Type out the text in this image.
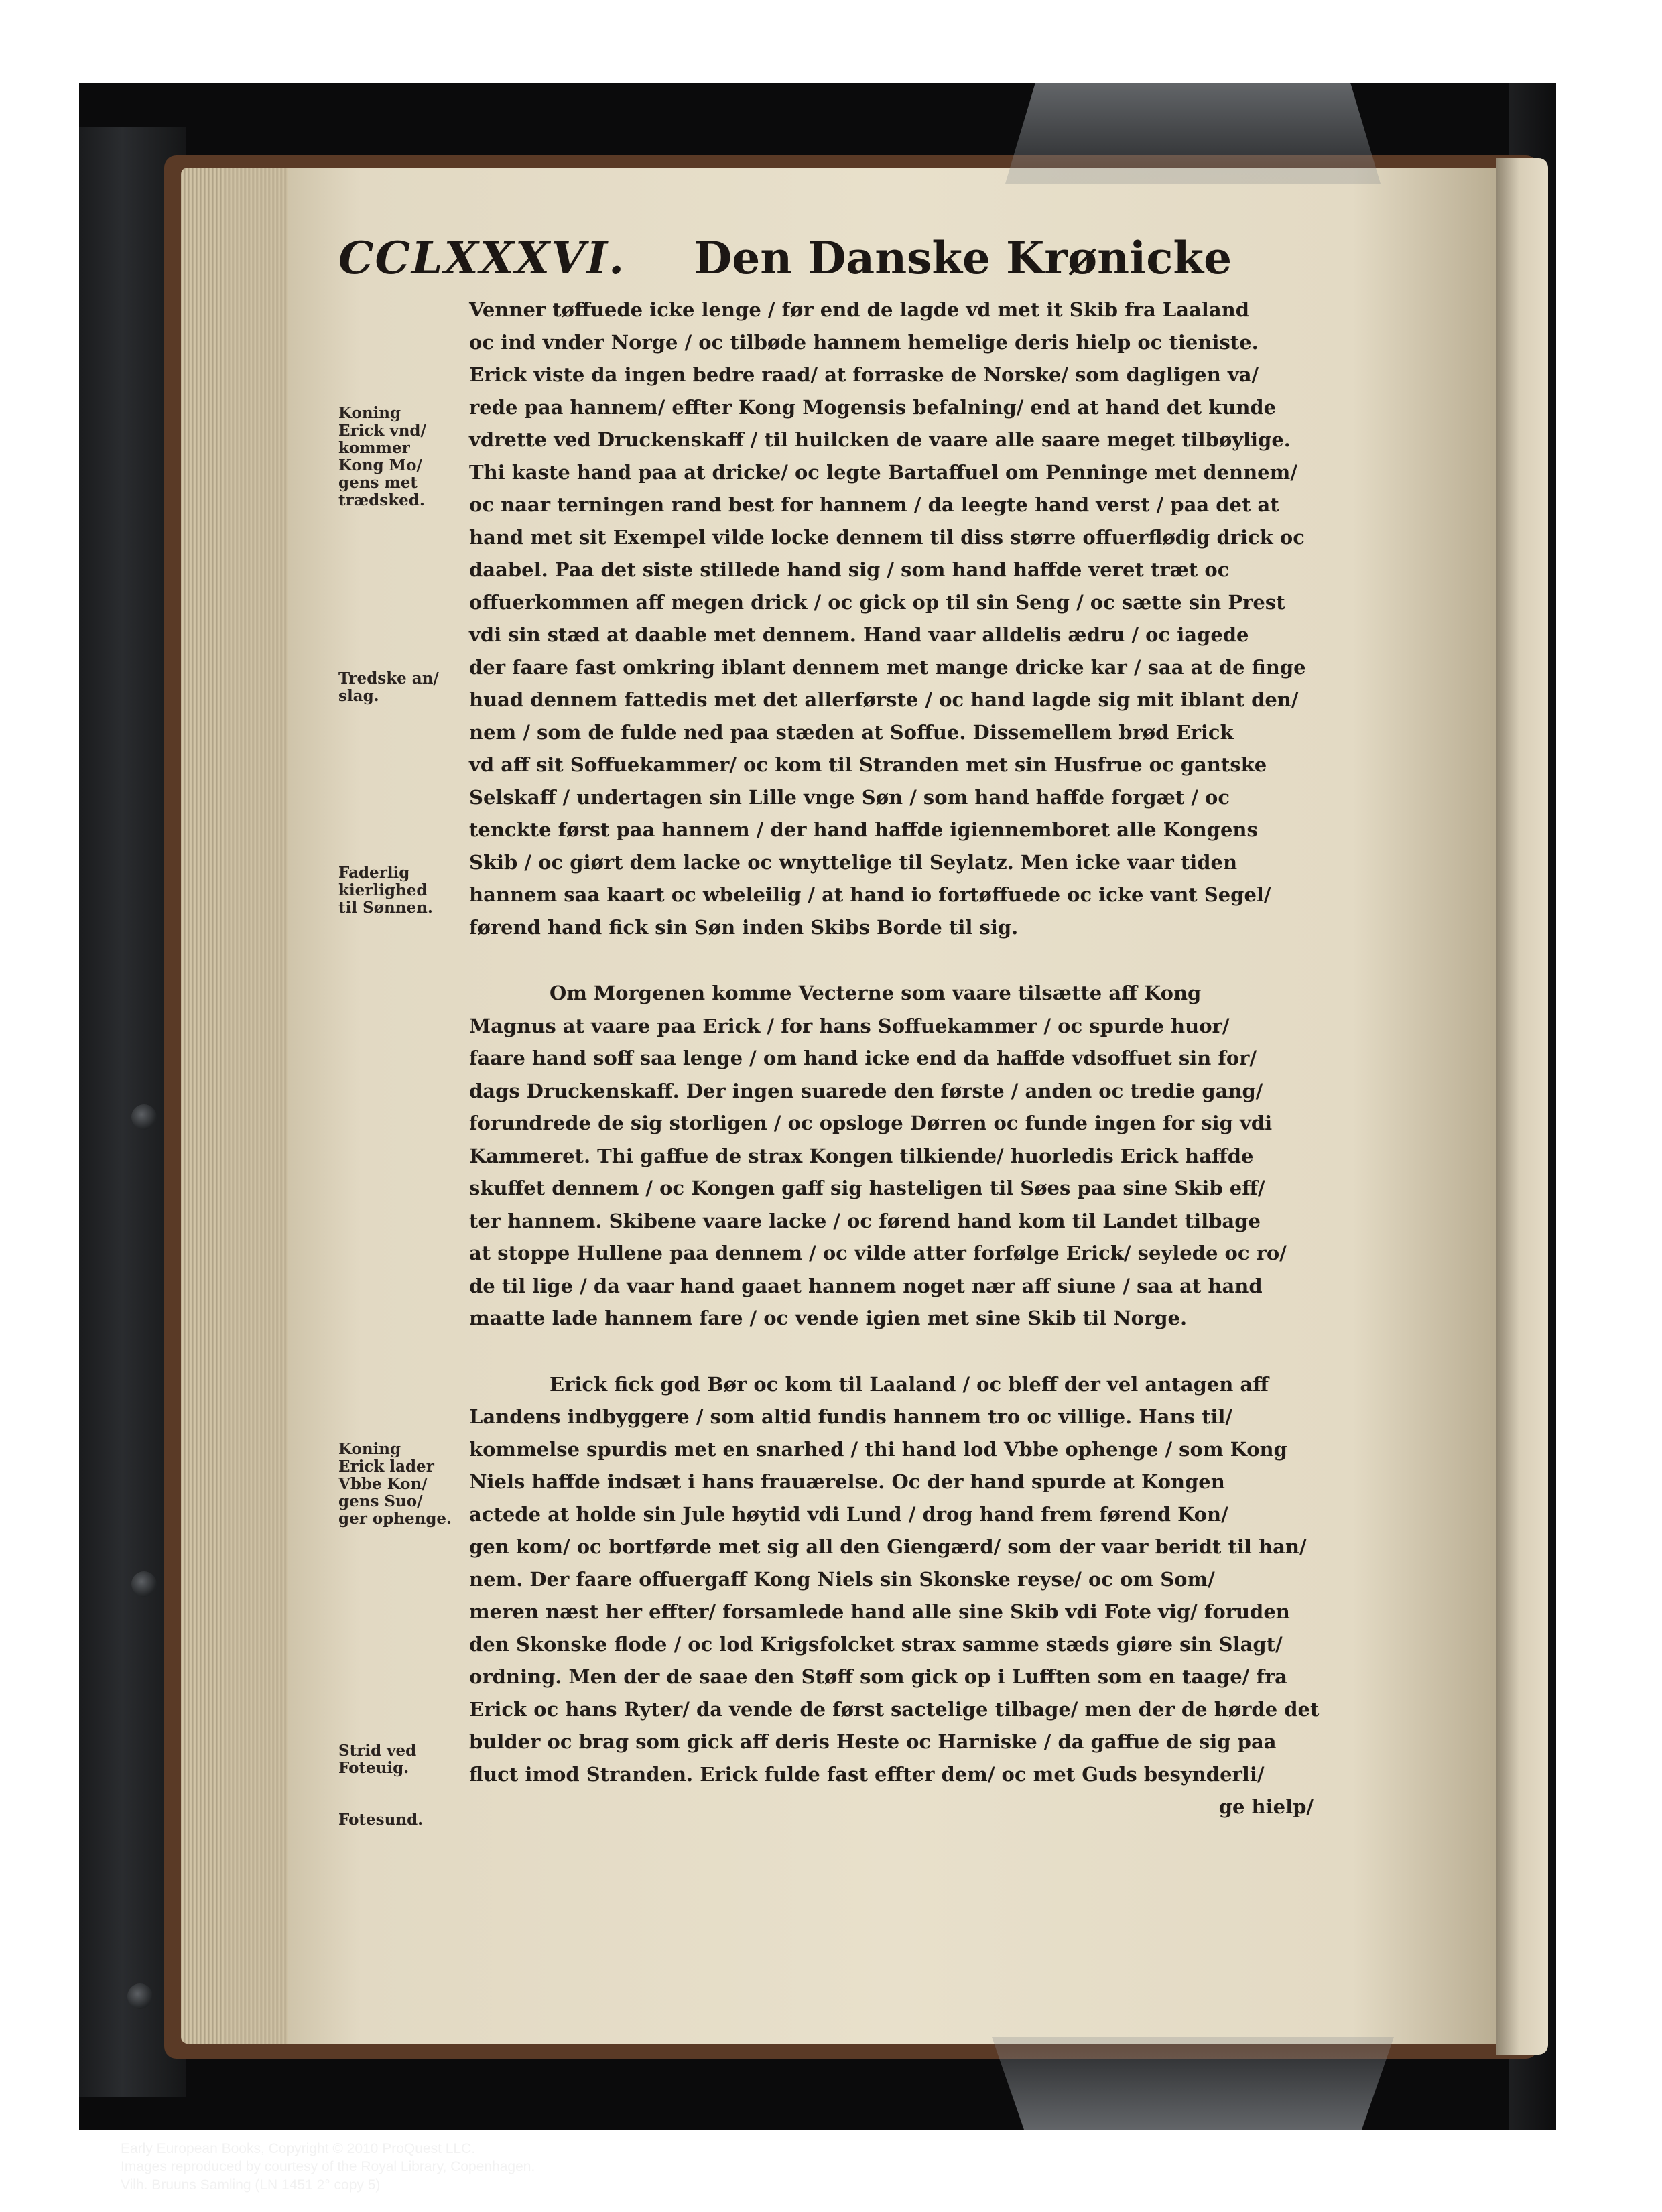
CCLXXXVI. Den Danske Krønicke
Venner tøffuede icke lenge / før end de lagde vd met it Skib fra Laaland
oc ind vnder Norge / oc tilbøde hannem hemelige deris hielp oc tieniste.
Erick viste da ingen bedre raad/ at forraske de Norske/ som dagligen va/
rede paa hannem/ effter Kong Mogensis befalning/ end at hand det kunde
vdrette ved Druckenskaff / til huilcken de vaare alle saare meget tilbøylige.
Thi kaste hand paa at dricke/ oc legte Bartaffuel om Penninge met dennem/
oc naar terningen rand best for hannem / da leegte hand verst / paa det at
hand met sit Exempel vilde locke dennem til diss større offuerflødig drick oc
daabel. Paa det siste stillede hand sig / som hand haffde veret træt oc
offuerkommen aff megen drick / oc gick op til sin Seng / oc sætte sin Prest
vdi sin stæd at daable met dennem. Hand vaar alldelis ædru / oc iagede
der faare fast omkring iblant dennem met mange dricke kar / saa at de finge
huad dennem fattedis met det allerførste / oc hand lagde sig mit iblant den/
nem / som de fulde ned paa stæden at Soffue. Dissemellem brød Erick
vd aff sit Soffuekammer/ oc kom til Stranden met sin Husfrue oc gantske
Selskaff / undertagen sin Lille vnge Søn / som hand haffde forgæt / oc
tenckte først paa hannem / der hand haffde igiennemboret alle Kongens
Skib / oc giørt dem lacke oc wnyttelige til Seylatz. Men icke vaar tiden
hannem saa kaart oc wbeleilig / at hand io fortøffuede oc icke vant Segel/
førend hand fick sin Søn inden Skibs Borde til sig.
Om Morgenen komme Vecterne som vaare tilsætte aff Kong
Magnus at vaare paa Erick / for hans Soffuekammer / oc spurde huor/
faare hand soff saa lenge / om hand icke end da haffde vdsoffuet sin for/
dags Druckenskaff. Der ingen suarede den første / anden oc tredie gang/
forundrede de sig storligen / oc opsloge Dørren oc funde ingen for sig vdi
Kammeret. Thi gaffue de strax Kongen tilkiende/ huorledis Erick haffde
skuffet dennem / oc Kongen gaff sig hasteligen til Søes paa sine Skib eff/
ter hannem. Skibene vaare lacke / oc førend hand kom til Landet tilbage
at stoppe Hullene paa dennem / oc vilde atter forfølge Erick/ seylede oc ro/
de til lige / da vaar hand gaaet hannem noget nær aff siune / saa at hand
maatte lade hannem fare / oc vende igien met sine Skib til Norge.
Erick fick god Bør oc kom til Laaland / oc bleff der vel antagen aff
Landens indbyggere / som altid fundis hannem tro oc villige. Hans til/
kommelse spurdis met en snarhed / thi hand lod Vbbe ophenge / som Kong
Niels haffde indsæt i hans frauærelse. Oc der hand spurde at Kongen
actede at holde sin Jule høytid vdi Lund / drog hand frem førend Kon/
gen kom/ oc bortførde met sig all den Giengærd/ som der vaar beridt til han/
nem. Der faare offuergaff Kong Niels sin Skonske reyse/ oc om Som/
meren næst her effter/ forsamlede hand alle sine Skib vdi Fote vig/ foruden
den Skonske flode / oc lod Krigsfolcket strax samme stæds giøre sin Slagt/
ordning. Men der de saae den Støff som gick op i Lufften som en taage/ fra
Erick oc hans Ryter/ da vende de først sactelige tilbage/ men der de hørde det
bulder oc brag som gick aff deris Heste oc Harniske / da gaffue de sig paa
fluct imod Stranden. Erick fulde fast effter dem/ oc met Guds besynderli/
ge hielp/
Koning
Erick vnd/
kommer
Kong Mo/
gens met
trædsked.
Tredske an/
slag.
Faderlig
kierlighed
til Sønnen.
Koning
Erick lader
Vbbe Kon/
gens Suo/
ger ophenge.
Strid ved
Foteuig.
Fotesund.
Early European Books, Copyright © 2010 ProQuest LLC.
Images reproduced by courtesy of the Royal Library, Copenhagen.
Vilh. Bruuns Samling (LN 1451 2° copy 5)
